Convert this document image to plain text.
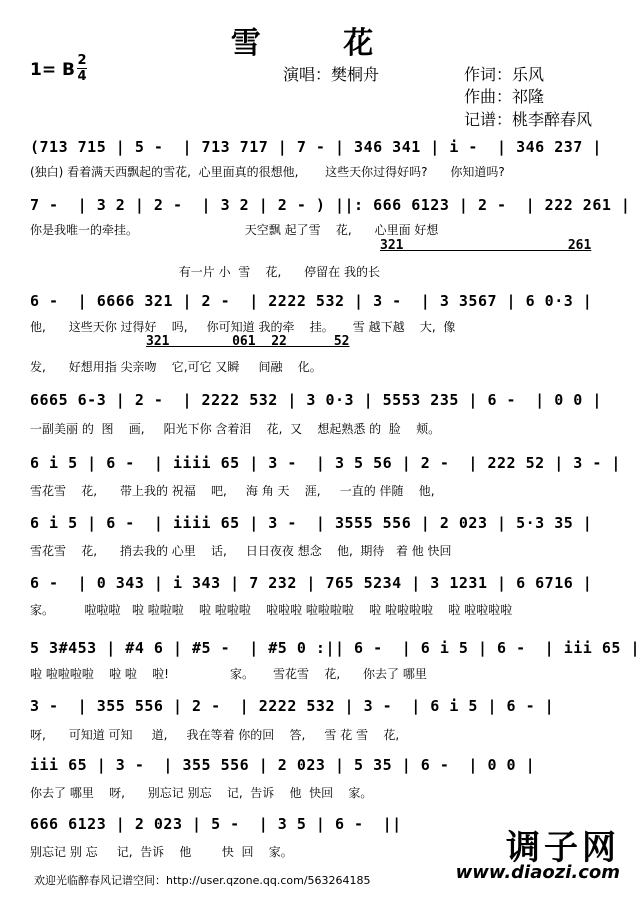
雪 花
1= B 2
4	演唱：樊桐舟	作词：乐风
作曲：祁隆
记谱：桃李醉春风
(713 715 | 5 -  | 713 717 | 7 - | 346 341 | i -  | 346 237 |
(独白) 看着满天西飘起的雪花,  心里面真的很想他,       这些天你过得好吗?      你知道吗?
7 -  | 3 2 | 2 -  | 3 2 | 2 - ) ||: 666 6123 | 2 -  | 222 261 |
你是我唯一的牵挂。                            天空飘 起了雪    花,      心里面 好想
321                     261
有一片 小  雪    花,      停留在 我的长
6 -  | 6666 321 | 2 -  | 2222 532 | 3 -  | 3 3567 | 6 0·3 |
他,      这些天你 过得好    吗,     你可知道 我的牵    挂。     雪 越下越    大,  像
321        061  22      52
发,      好想用指 尖亲吻    它,可它 又瞬     间融    化。
6665 6-3 | 2 -  | 2222 532 | 3 0·3 | 5553 235 | 6 -  | 0 0 |
一副美丽 的  图    画,     阳光下你 含着泪    花,  又    想起熟悉 的  脸    颊。
6 i 5 | 6 -  | iiii 65 | 3 -  | 3 5 56 | 2 -  | 222 52 | 3 - |
雪花雪    花,      带上我的 祝福    吧,     海 角 天    涯,     一直的 伴随    他,
6 i 5 | 6 -  | iiii 65 | 3 -  | 3555 556 | 2 023 | 5·3 35 |
雪花雪    花,      捎去我的 心里    话,     日日夜夜 想念    他,  期待   着 他 快回
6 -  | 0 343 | i 343 | 7 232 | 765 5234 | 3 1231 | 6 6716 |
家。        啦啦啦   啦 啦啦啦    啦 啦啦啦    啦啦啦 啦啦啦啦    啦 啦啦啦啦    啦 啦啦啦啦
5 3#453 | #4 6 | #5 -  | #5 0 :|| 6 -  | 6 i 5 | 6 -  | iii 65 |
啦 啦啦啦啦    啦 啦    啦!                家。     雪花雪    花,      你去了 哪里
3 -  | 355 556 | 2 -  | 2222 532 | 3 -  | 6 i 5 | 6 - |
呀,      可知道 可知     道,     我在等着 你的回    答,     雪 花 雪    花,
iii 65 | 3 -  | 355 556 | 2 023 | 5 35 | 6 -  | 0 0 |
你去了 哪里    呀,      别忘记 别忘    记,  告诉    他  快回    家。
666 6123 | 2 023 | 5 -  | 3 5 | 6 -  ||
别忘记 别 忘     记,  告诉    他        快  回    家。	调子网
www.diaozi.com
欢迎光临醉春风记谱空间：http://user.qzone.qq.com/563264185
